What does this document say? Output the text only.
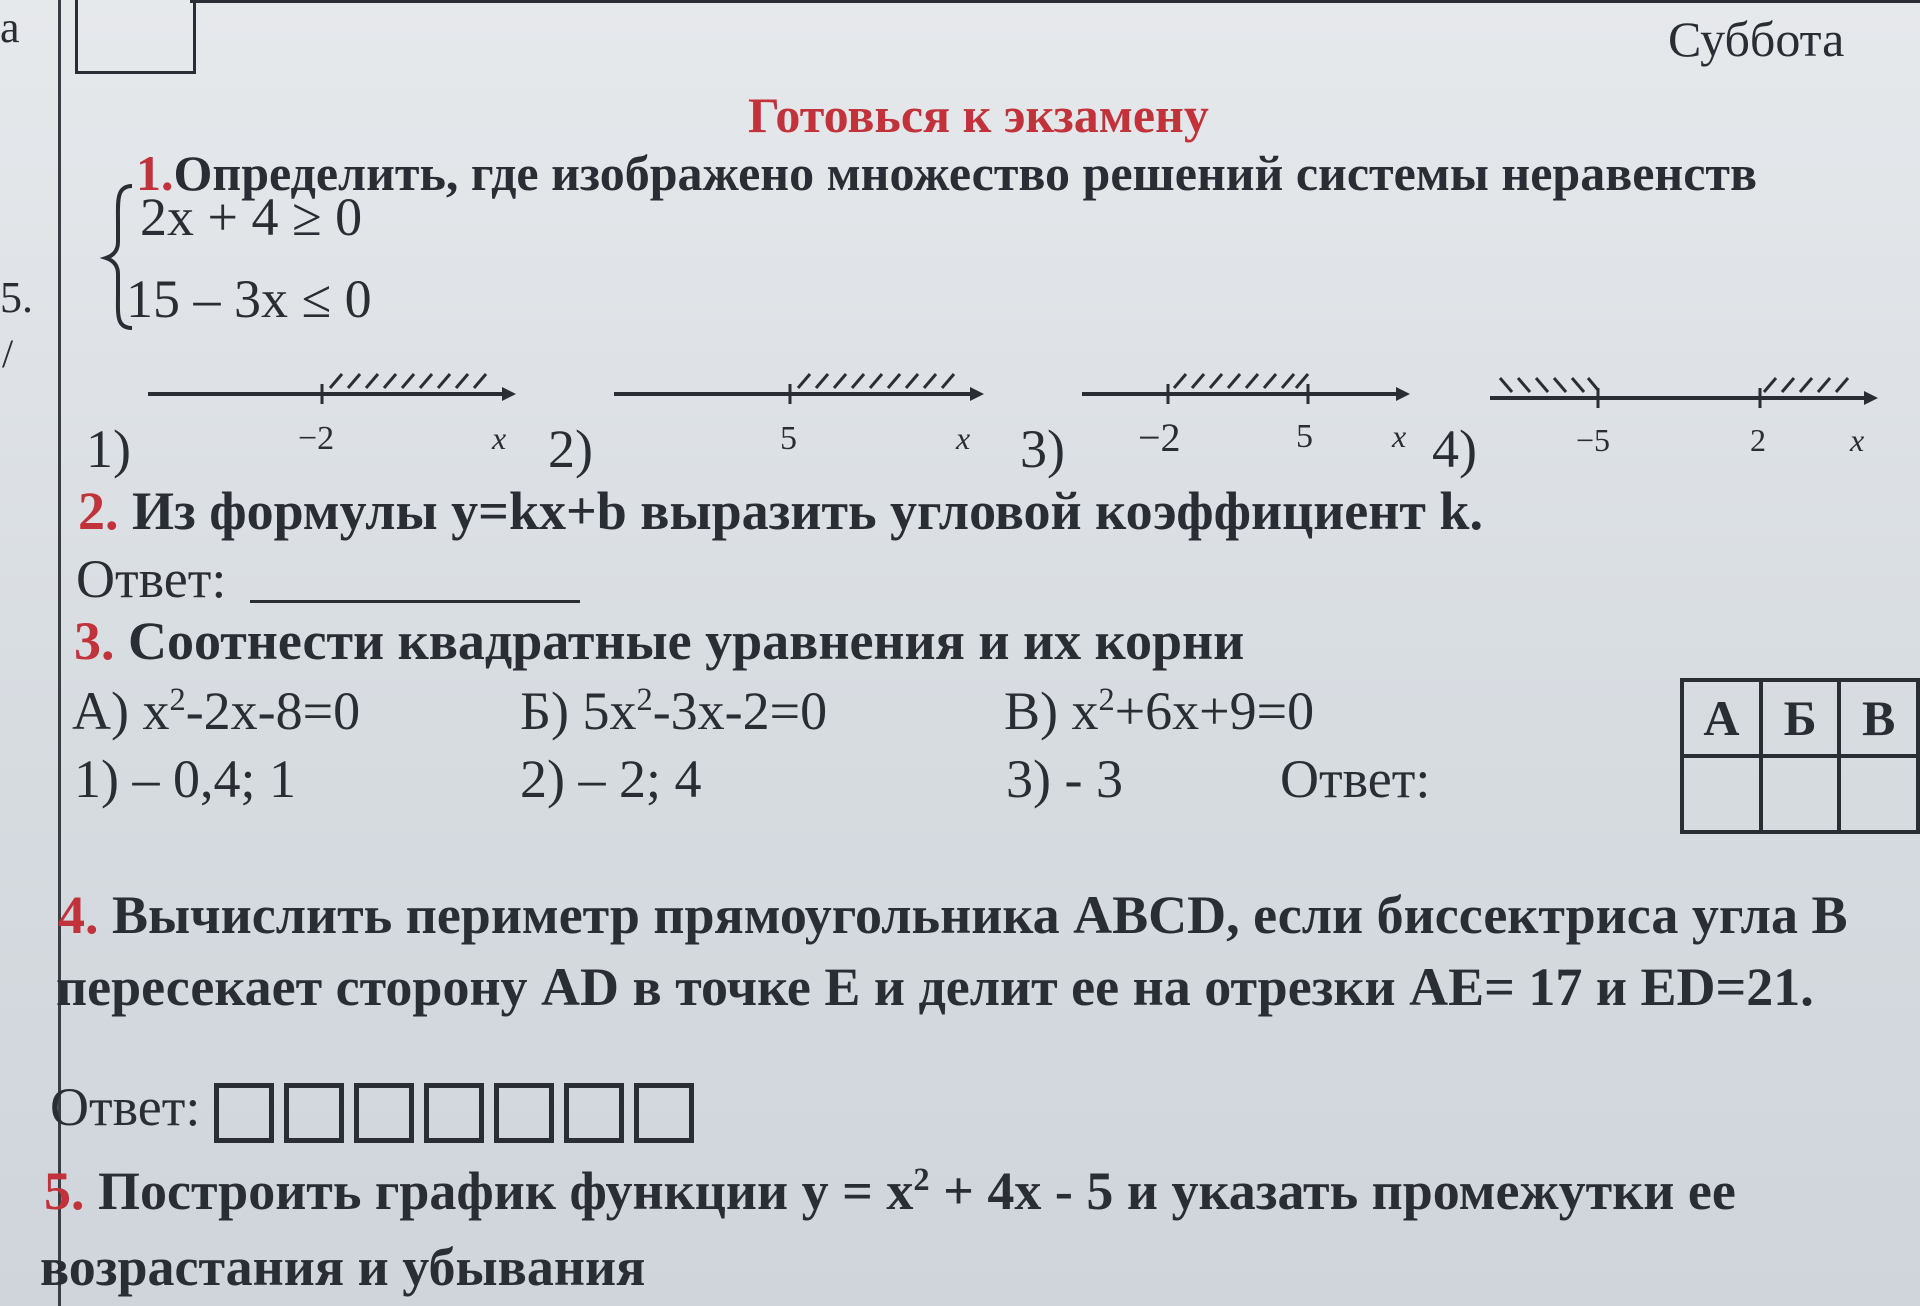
а
5.
/
Суббота
Готовься к экзамену
1.Определить, где изображено множество решений системы неравенств
2x + 4 ≥ 0
15 – 3x ≤ 0
1)	2)	3)	4)
−2	x	5	x	−2	5 x	−5	2	x
2. Из формулы y=kx+b выразить угловой коэффициент k.
Ответ:
3. Соотнести квадратные уравнения и их корни
А) $x^2-2x-8=0$	Б) $5x^2-3x-2=0$	В) $x^2+6x+9=0$
1) – 0,4; 1	2) – 2; 4	3) - 3	Ответ:
А	Б	В

4. Вычислить периметр прямоугольника ABCD, если биссектриса угла B
пересекает сторону AD в точке E и делит ее на отрезки AE= 17 и ED=21.
Ответ:
5. Построить график функции $y = x^2 + 4x - 5$ и указать промежутки ее
возрастания и убывания
